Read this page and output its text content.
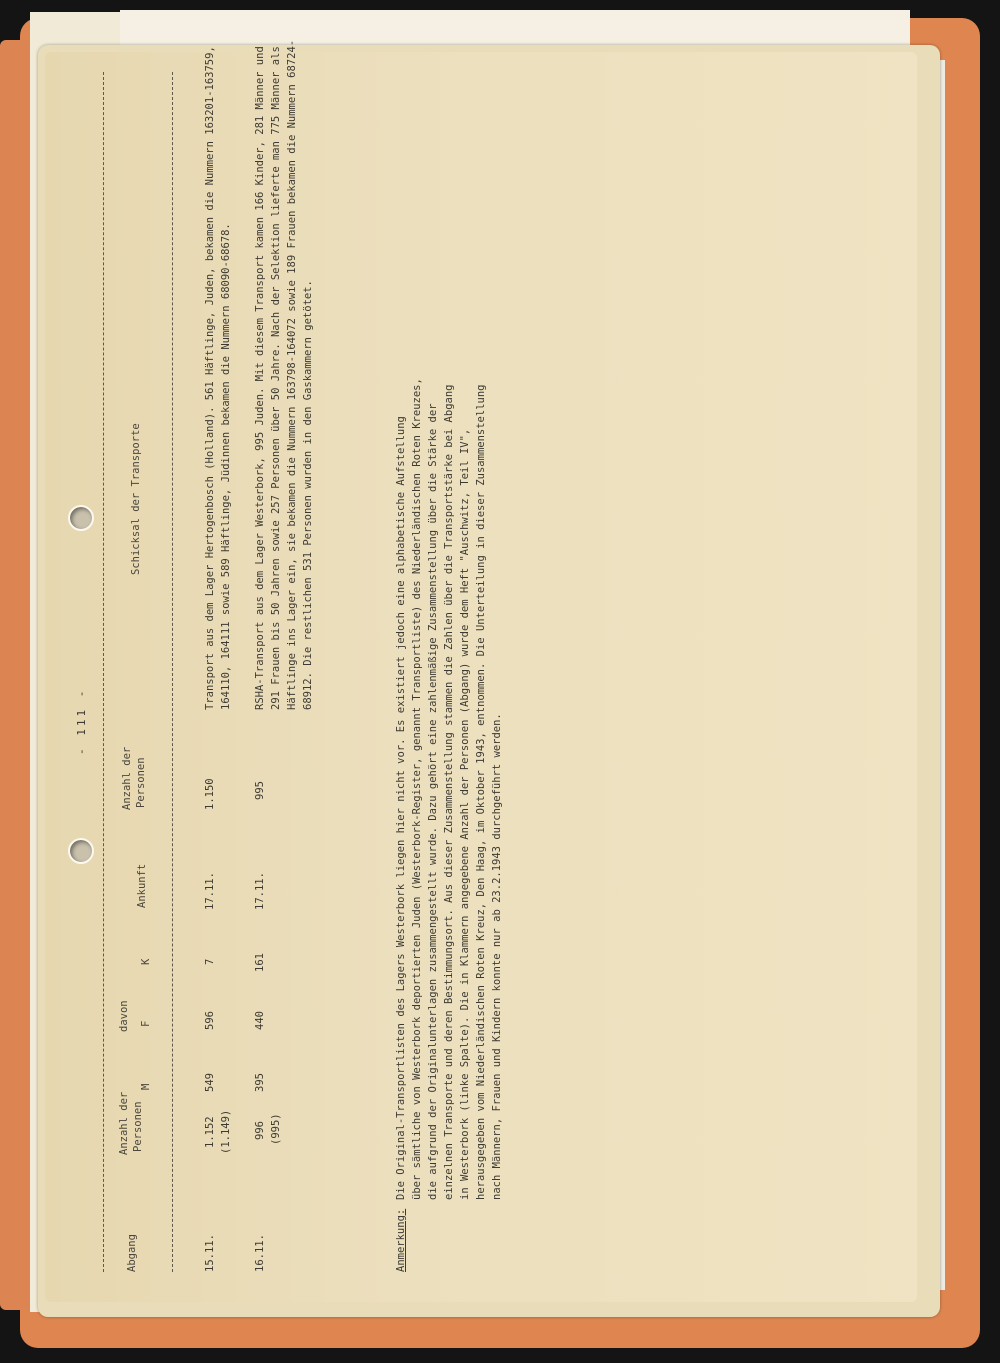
- 111 -
Abgang
Anzahl der Personen
davon
M
F
K
Ankunft
Anzahl der Personen
Schicksal der Transporte
15.11.
1.152 (1.149)
549
596
7
17.11.
1.150
Transport aus dem Lager Hertogenbosch (Holland). 561 Häftlinge, Juden, bekamen die Nummern 163201-163759, 164110, 164111 sowie 589 Häftlinge, Jüdinnen bekamen die Nummern 68090-68678.
16.11.
996 (995)
395
440
161
17.11.
995
RSHA-Transport aus dem Lager Westerbork, 995 Juden. Mit diesem Transport kamen 166 Kinder, 281 Männer und 291 Frauen bis 50 Jahren sowie 257 Personen über 50 Jahre. Nach der Selektion lieferte man 775 Männer als Häftlinge ins Lager ein, sie bekamen die Nummern 163798-164072 sowie 189 Frauen bekamen die Nummern 68724- 68912. Die restlichen 531 Personen wurden in den Gaskammern getötet.
Anmerkung:
Die Original-Transportlisten des Lagers Westerbork liegen hier nicht vor. Es existiert jedoch eine alphabetische Aufstellung über sämtliche von Westerbork deportierten Juden (Westerbork-Register, genannt Transportliste) des Niederländischen Roten Kreuzes, die aufgrund der Originalunterlagen zusammengestellt wurde. Dazu gehört eine zahlenmäßige Zusammenstellung über die Stärke der einzelnen Transporte und deren Bestimmungsort. Aus dieser Zusammenstellung stammen die Zahlen über die Transportstärke bei Abgang in Westerbork (linke Spalte). Die in Klammern angegebene Anzahl der Personen (Abgang) wurde dem Heft "Auschwitz, Teil IV", herausgegeben vom Niederländischen Roten Kreuz, Den Haag, im Oktober 1943, entnommen. Die Unterteilung in dieser Zusammenstellung nach Männern, Frauen und Kindern konnte nur ab 23.2.1943 durchgeführt werden.
